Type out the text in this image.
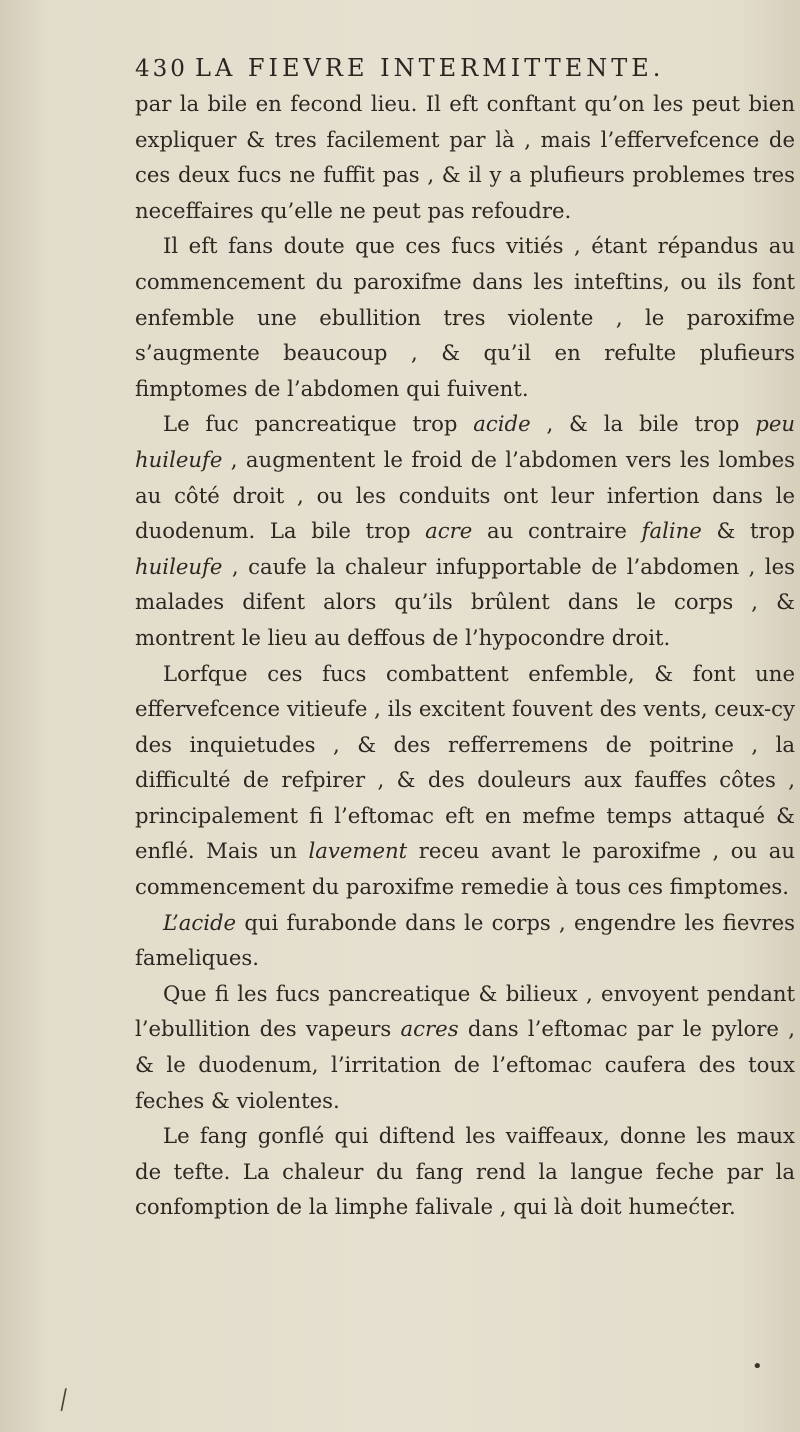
430 LA FIEVRE INTERMITTENTE.

par la bile en fecond lieu. Il eft conftant qu’on les peut bien expliquer & tres facilement par là , mais l’effervefcence de ces deux fucs ne fuffit pas , & il y a plufieurs problemes tres neceffaires qu’elle ne peut pas refoudre.

Il eft fans doute que ces fucs vitiés , étant répandus au commencement du paroxifme dans les inteftins, ou ils font enfemble une ebullition tres violente , le paroxifme s’augmente beaucoup , & qu’il en refulte plufieurs fimptomes de l’abdomen qui fuivent.

Le fuc pancreatique trop acide , & la bile trop peu huileufe , augmentent le froid de l’abdomen vers les lombes au côté droit , ou les conduits ont leur infertion dans le duodenum. La bile trop acre au contraire faline & trop huileufe , caufe la chaleur infupportable de l’abdomen , les malades difent alors qu’ils brûlent dans le corps , & montrent le lieu au deffous de l’hypocondre droit.

Lorfque ces fucs combattent enfemble, & font une effervefcence vitieufe , ils excitent fouvent des vents, ceux-cy des inquietudes , & des refferremens de poitrine , la difficulté de refpirer , & des douleurs aux fauffes côtes , principalement fi l’eftomac eft en mefme temps attaqué & enflé. Mais un lavement receu avant le paroxifme , ou au commencement du paroxifme remedie à tous ces fimptomes.

L’acide qui furabonde dans le corps , engendre les fievres fameliques.

Que fi les fucs pancreatique & bilieux , envoyent pendant l’ebullition des vapeurs acres dans l’eftomac par le pylore , & le duodenum, l’irritation de l’eftomac caufera des toux feches & violentes.

Le fang gonflé qui diftend les vaiffeaux, donne les maux de tefte. La chaleur du fang rend la langue feche par la confomption de la limphe falivale , qui là doit humećter.

•
⁄
